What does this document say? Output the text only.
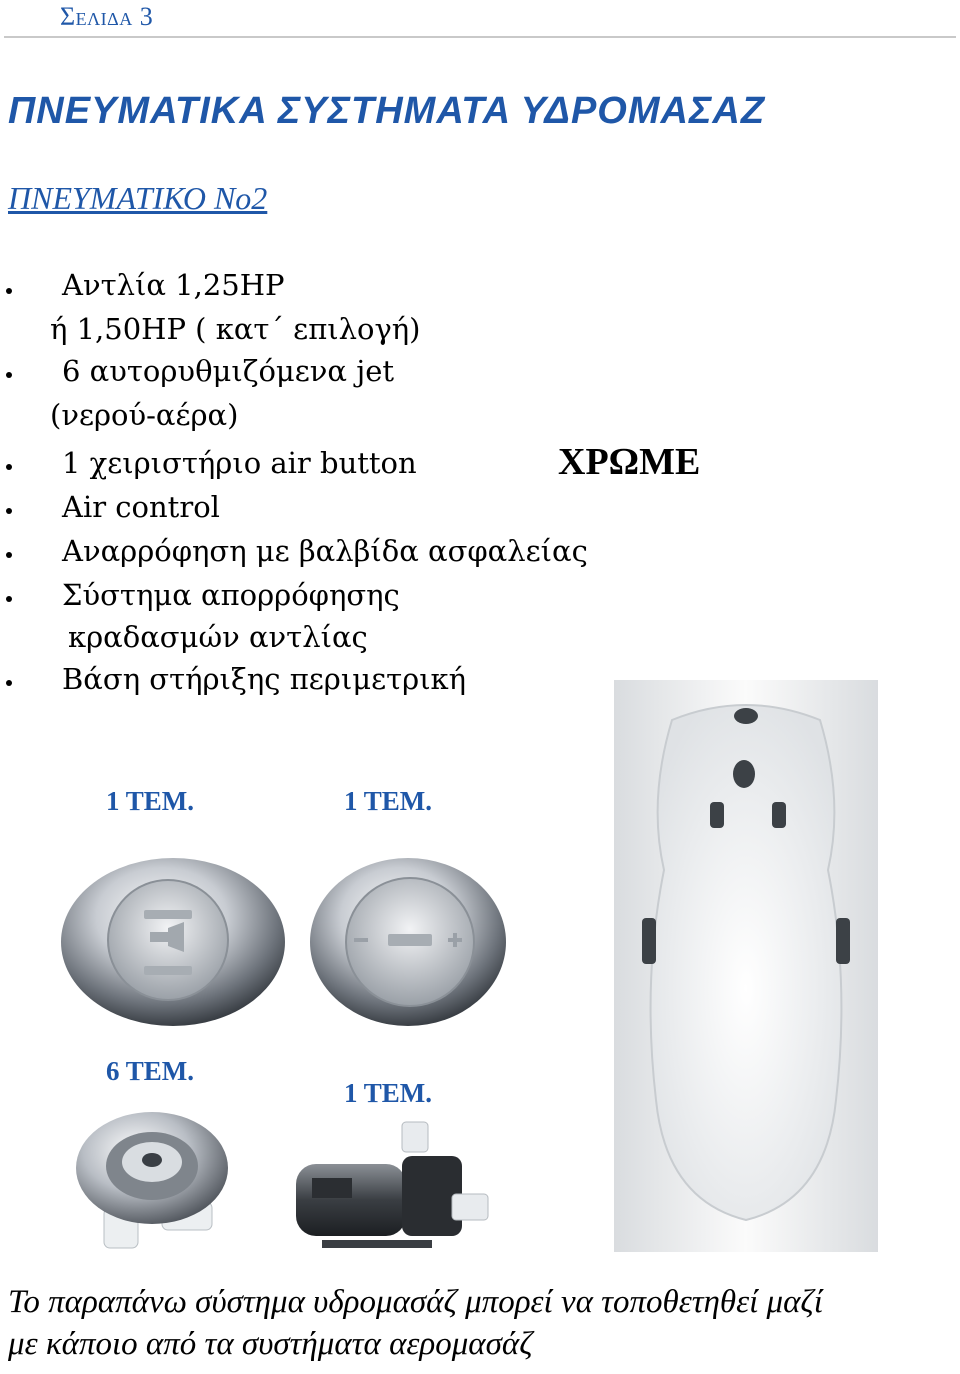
Σελιδα 3
ΠΝΕΥΜΑΤΙΚΑ ΣΥΣΤΗΜΑΤΑ ΥΔΡΟΜΑΣΑΖ
ΠΝΕΥΜΑΤΙΚΟ Νο2
Αντλία 1,25HP
ή 1,50HP ( κατ΄ επιλογή)
6 αυτορυθμιζόμενα jet
(νερού-αέρα)
1 χειριστήριο air button
Air control
Αναρρόφηση με βαλβίδα ασφαλείας
Σύστημα απορρόφησης
κραδασμών αντλίας
Βάση στήριξης περιμετρική
ΧΡΩΜΕ
1 ΤΕΜ.	1 ΤΕΜ.
6 ΤΕΜ.
1 ΤΕΜ.
Το παραπάνω σύστημα υδρομασάζ μπορεί να τοποθετηθεί μαζί
με κάποιο από τα συστήματα αερομασάζ
